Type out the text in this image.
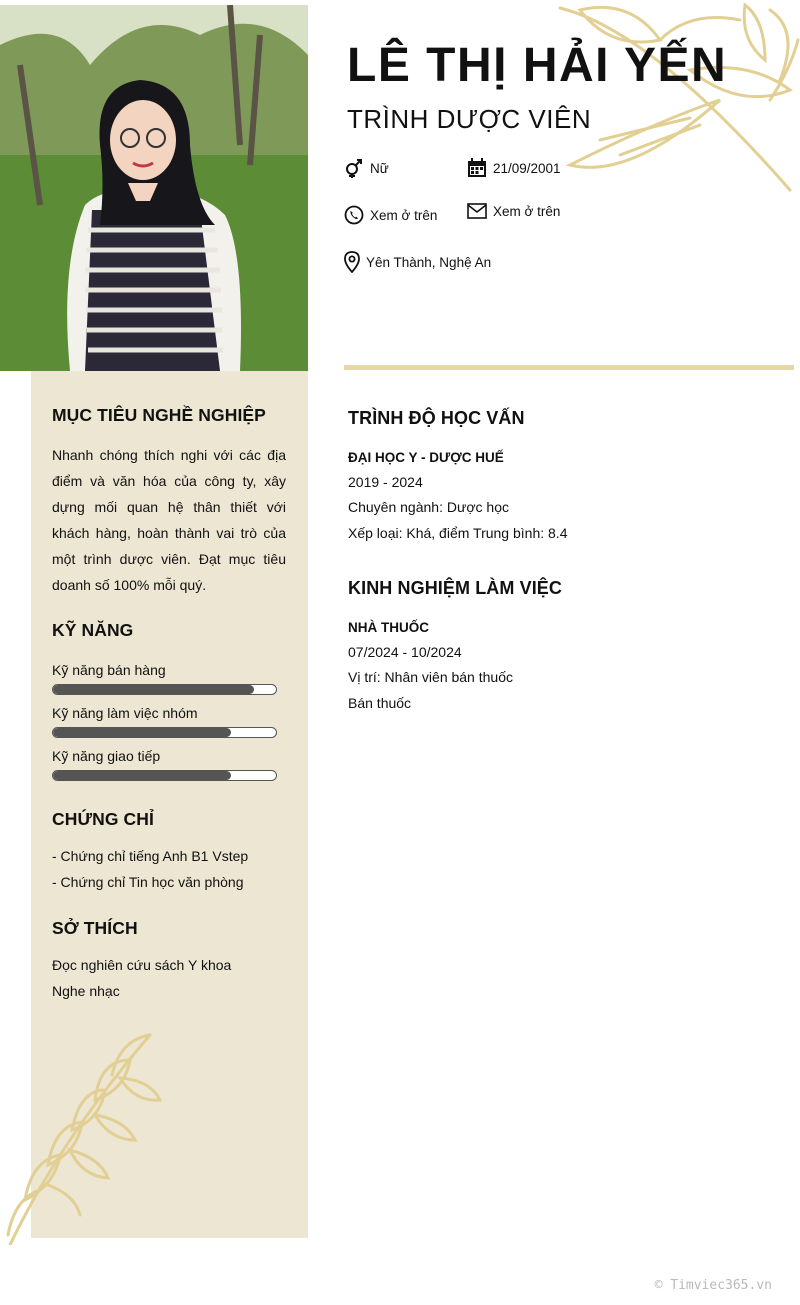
LÊ THỊ HẢI YẾN
TRÌNH DƯỢC VIÊN
Nữ	21/09/2001
Xem ở trên	Xem ở trên
Yên Thành, Nghệ An
MỤC TIÊU NGHỀ NGHIỆP

Nhanh chóng thích nghi với các địa điểm và văn hóa của công ty, xây dựng mối quan hệ thân thiết với khách hàng, hoàn thành vai trò của một trình dược viên. Đạt mục tiêu doanh số 100% mỗi quý.

KỸ NĂNG
Kỹ năng bán hàng
Kỹ năng làm việc nhóm
Kỹ năng giao tiếp
CHỨNG CHỈ
- Chứng chỉ tiếng Anh B1 Vstep
- Chứng chỉ Tin học văn phòng
SỞ THÍCH
Đọc nghiên cứu sách Y khoa
Nghe nhạc
TRÌNH ĐỘ HỌC VẤN
ĐẠI HỌC Y - DƯỢC HUẾ
2019 - 2024
Chuyên ngành: Dược học
Xếp loại: Khá, điểm Trung bình: 8.4
KINH NGHIỆM LÀM VIỆC
NHÀ THUỐC
07/2024 - 10/2024
Vị trí: Nhân viên bán thuốc
Bán thuốc
© Timviec365.vn
